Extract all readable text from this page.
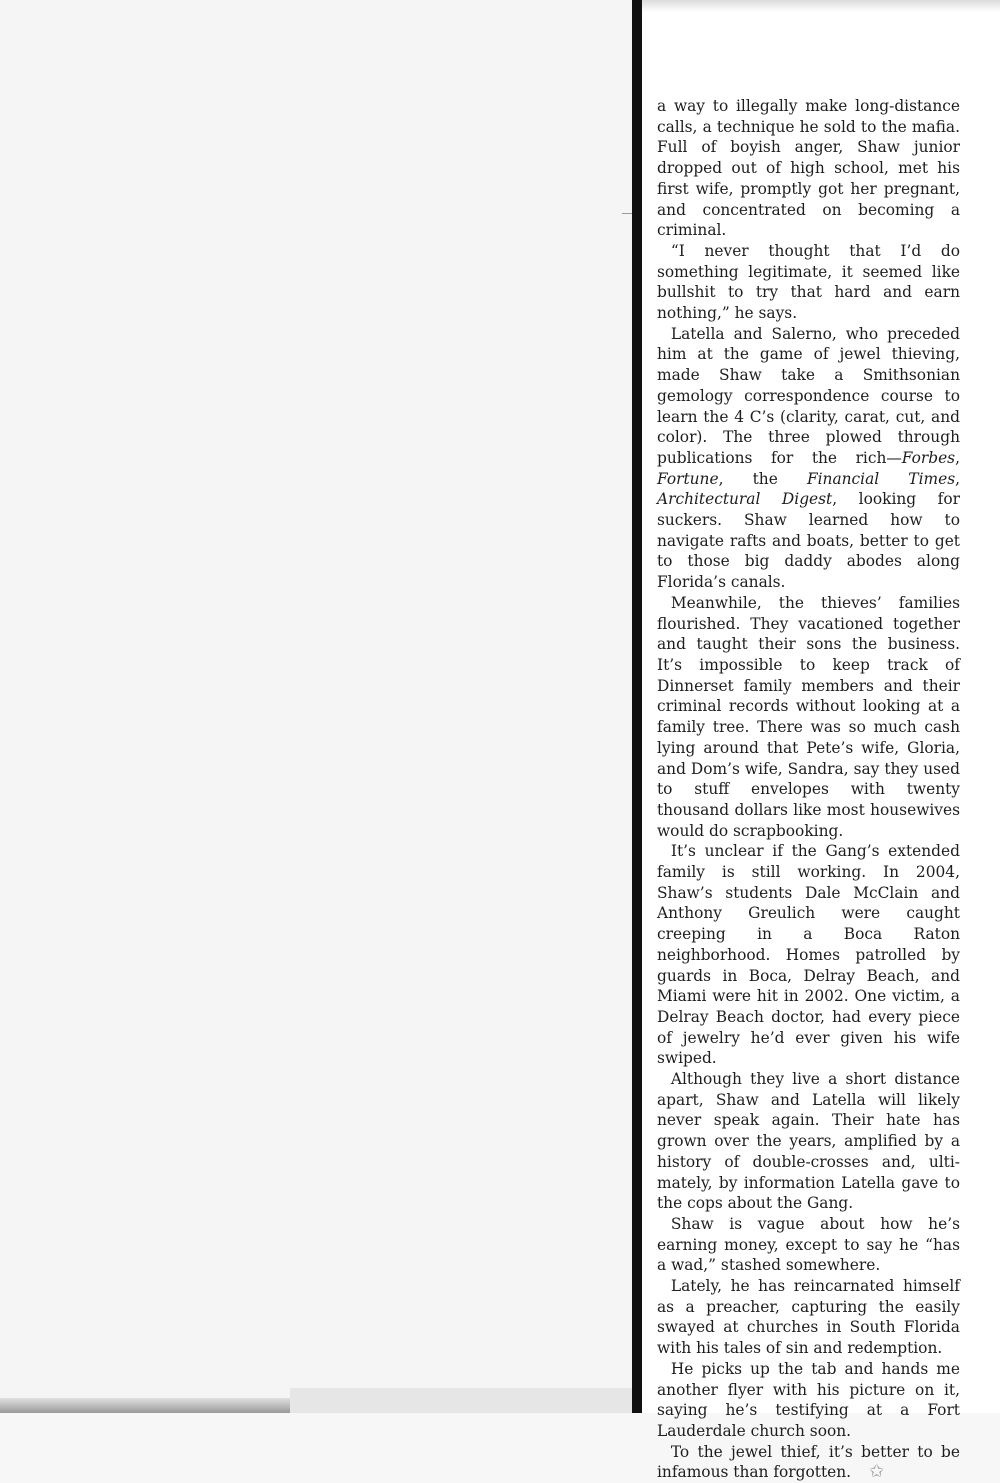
a way to illegally make long-distance calls, a technique he sold to the mafia. Full of boyish anger, Shaw junior dropped out of high school, met his first wife, promptly got her pregnant, and concentrated on becoming a criminal.

“I never thought that I’d do something legitimate, it seemed like bullshit to try that hard and earn nothing,” he says.

Latella and Salerno, who preceded him at the game of jewel thieving, made Shaw take a Smithsonian gemology correspondence course to learn the 4 C’s (clarity, carat, cut, and color). The three plowed through publications for the rich—Forbes, Fortune, the Financial Times, Architectural Digest, looking for suckers. Shaw learned how to navigate rafts and boats, better to get to those big daddy abodes along Florida’s canals.

Meanwhile, the thieves’ families flourished. They vacationed together and taught their sons the business. It’s impossible to keep track of Dinnerset family members and their criminal records without looking at a family tree. There was so much cash lying around that Pete’s wife, Gloria, and Dom’s wife, Sandra, say they used to stuff envelopes with twenty thousand dollars like most housewives would do scrapbooking.

It’s unclear if the Gang’s extended family is still working. In 2004, Shaw’s students Dale McClain and Anthony Greulich were caught creeping in a Boca Raton neighborhood. Homes patrolled by guards in Boca, Delray Beach, and Miami were hit in 2002. One victim, a Delray Beach doctor, had every piece of jewelry he’d ever given his wife swiped.

Although they live a short distance apart, Shaw and Latella will likely never speak again. Their hate has grown over the years, amplified by a history of double-crosses and, ultimately, by information Latella gave to the cops about the Gang.

Shaw is vague about how he’s earning money, except to say he “has a wad,” stashed somewhere.

Lately, he has reincarnated himself as a preacher, capturing the easily swayed at churches in South Florida with his tales of sin and redemption.

He picks up the tab and hands me another flyer with his picture on it, saying he’s testifying at a Fort Lauderdale church soon.

To the jewel thief, it’s better to be infamous than forgotten. ✩
